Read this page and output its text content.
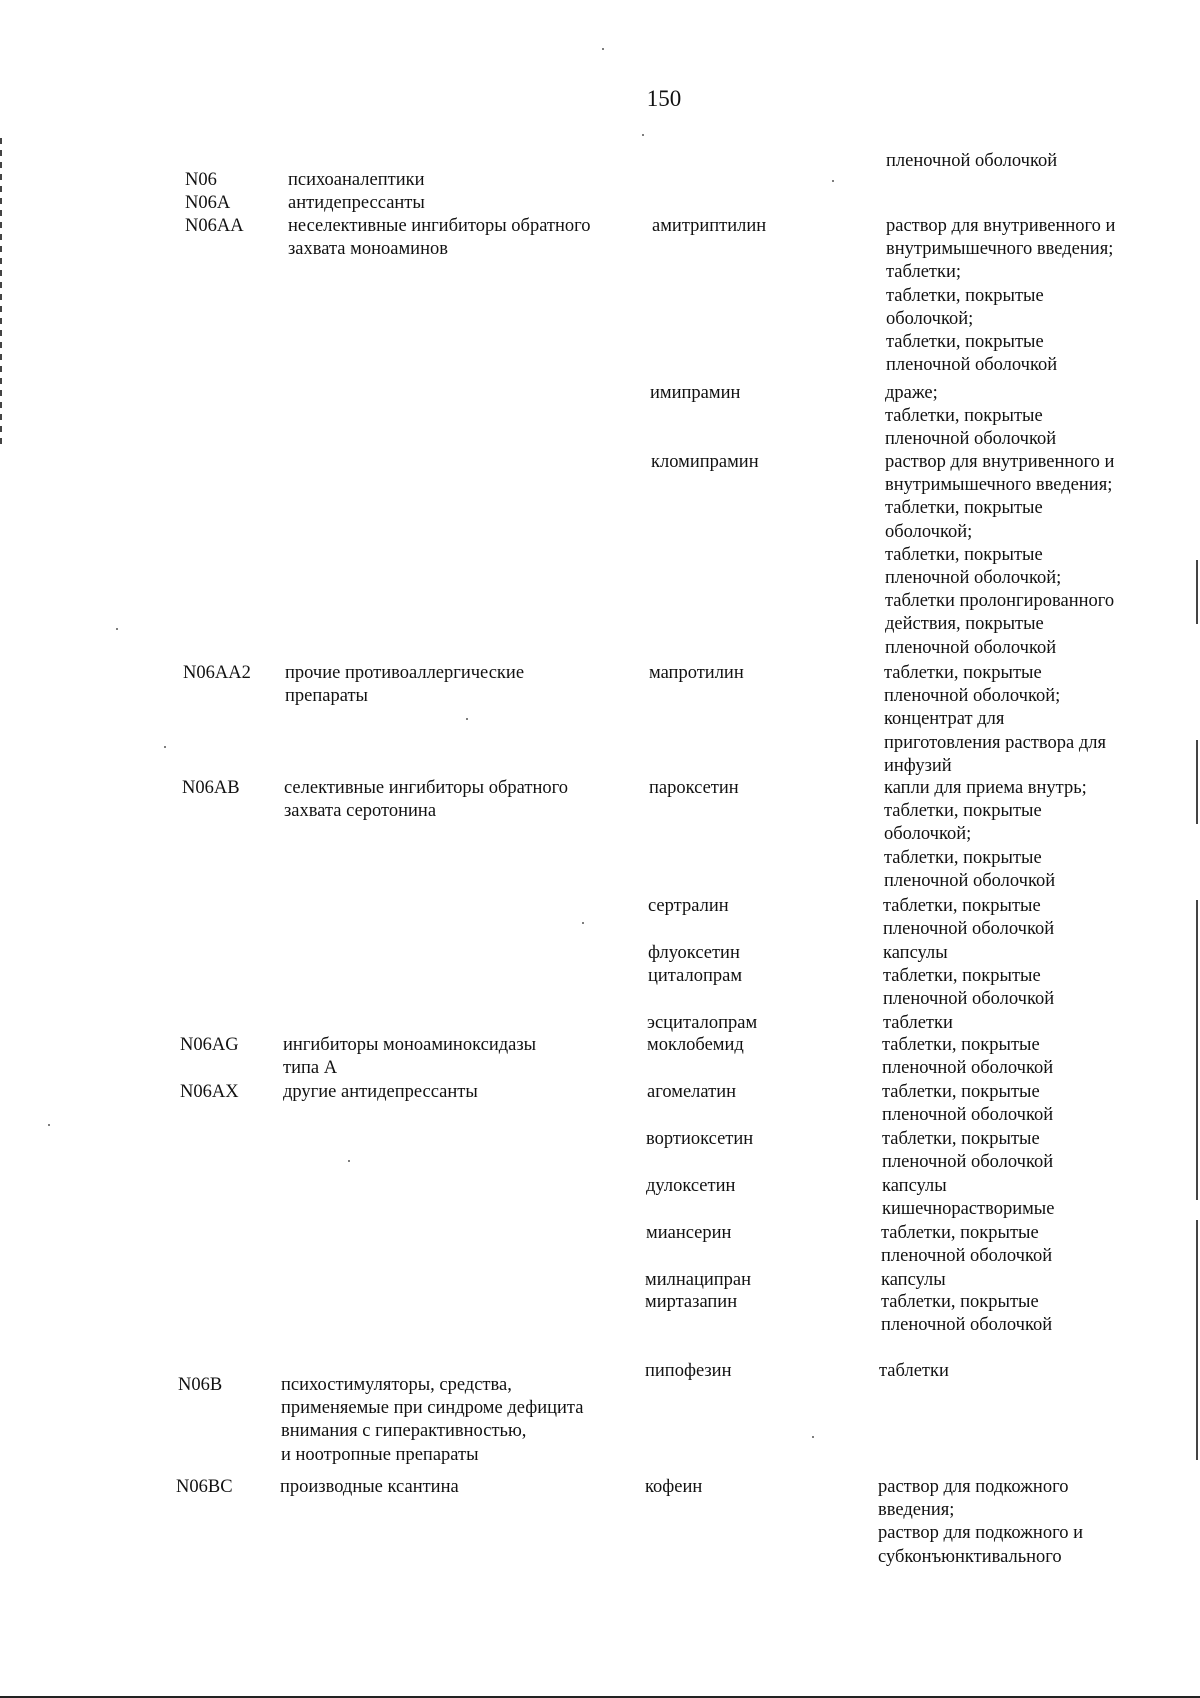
150
пленочной оболочкой
N06	психоаналептики
N06A	антидепрессанты
N06AA неселективные ингибиторы обратного
захвата моноаминов
амитриптилин	раствор для внутривенного и
внутримышечного введения;
таблетки;
таблетки, покрытые
оболочкой;
таблетки, покрытые
пленочной оболочкой
имипрамин	драже;
таблетки, покрытые
пленочной оболочкой
кломипрамин	раствор для внутривенного и
внутримышечного введения;
таблетки, покрытые
оболочкой;
таблетки, покрытые
пленочной оболочкой;
таблетки пролонгированного
действия, покрытые
пленочной оболочкой
N06AA2 прочие противоаллергические
препараты
мапротилин	таблетки, покрытые
пленочной оболочкой;
концентрат для
приготовления раствора для
инфузий
N06AB селективные ингибиторы обратного
захвата серотонина
пароксетин	капли для приема внутрь;
таблетки, покрытые
оболочкой;
таблетки, покрытые
пленочной оболочкой
сертралин	таблетки, покрытые
пленочной оболочкой
флуоксетин	капсулы
циталопрам	таблетки, покрытые
пленочной оболочкой
эсциталопрам	таблетки
N06AG ингибиторы моноаминоксидазы
типа А
моклобемид	таблетки, покрытые
пленочной оболочкой
N06AX другие антидепрессанты	агомелатин	таблетки, покрытые
пленочной оболочкой
вортиоксетин	таблетки, покрытые
пленочной оболочкой
дулоксетин	капсулы
кишечнорастворимые
миансерин	таблетки, покрытые
пленочной оболочкой
милнаципран	капсулы
миртазапин	таблетки, покрытые
пленочной оболочкой
пипофезин	таблетки
N06B	психостимуляторы, средства,
применяемые при синдроме дефицита
внимания с гиперактивностью,
и ноотропные препараты
N06BC	производные ксантина	кофеин	раствор для подкожного
введения;
раствор для подкожного и
субконъюнктивального
